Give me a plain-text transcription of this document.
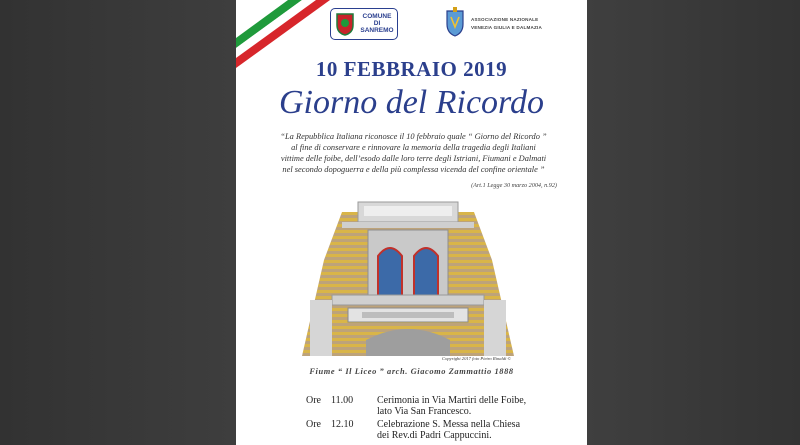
COMUNE
DI
SANREMO
ASSOCIAZIONE NAZIONALE
VENEZIA GIULIA E DALMAZIA
10 FEBBRAIO 2019
Giorno del Ricordo
“La Repubblica Italiana riconosce il 10 febbraio quale “ Giorno del Ricordo ”
al fine di conservare e rinnovare la memoria della tragedia degli Italiani
vittime delle foibe, dell’esodo dalle loro terre degli Istriani, Fiumani e Dalmati
nel secondo dopoguerra e della più complessa vicenda del confine orientale ”
(Art.1 Legge 30 marzo 2004, n.92)
Copyright 2017 foto Pietro Rinaldi ©
Fiume “ Il Liceo ” arch. Giacomo Zammattio 1888
Ore	11.00	Cerimonia in Via Martiri delle Foibe,
lato Via San Francesco.
Ore	12.10	Celebrazione S. Messa nella Chiesa
dei Rev.di Padri Cappuccini.
